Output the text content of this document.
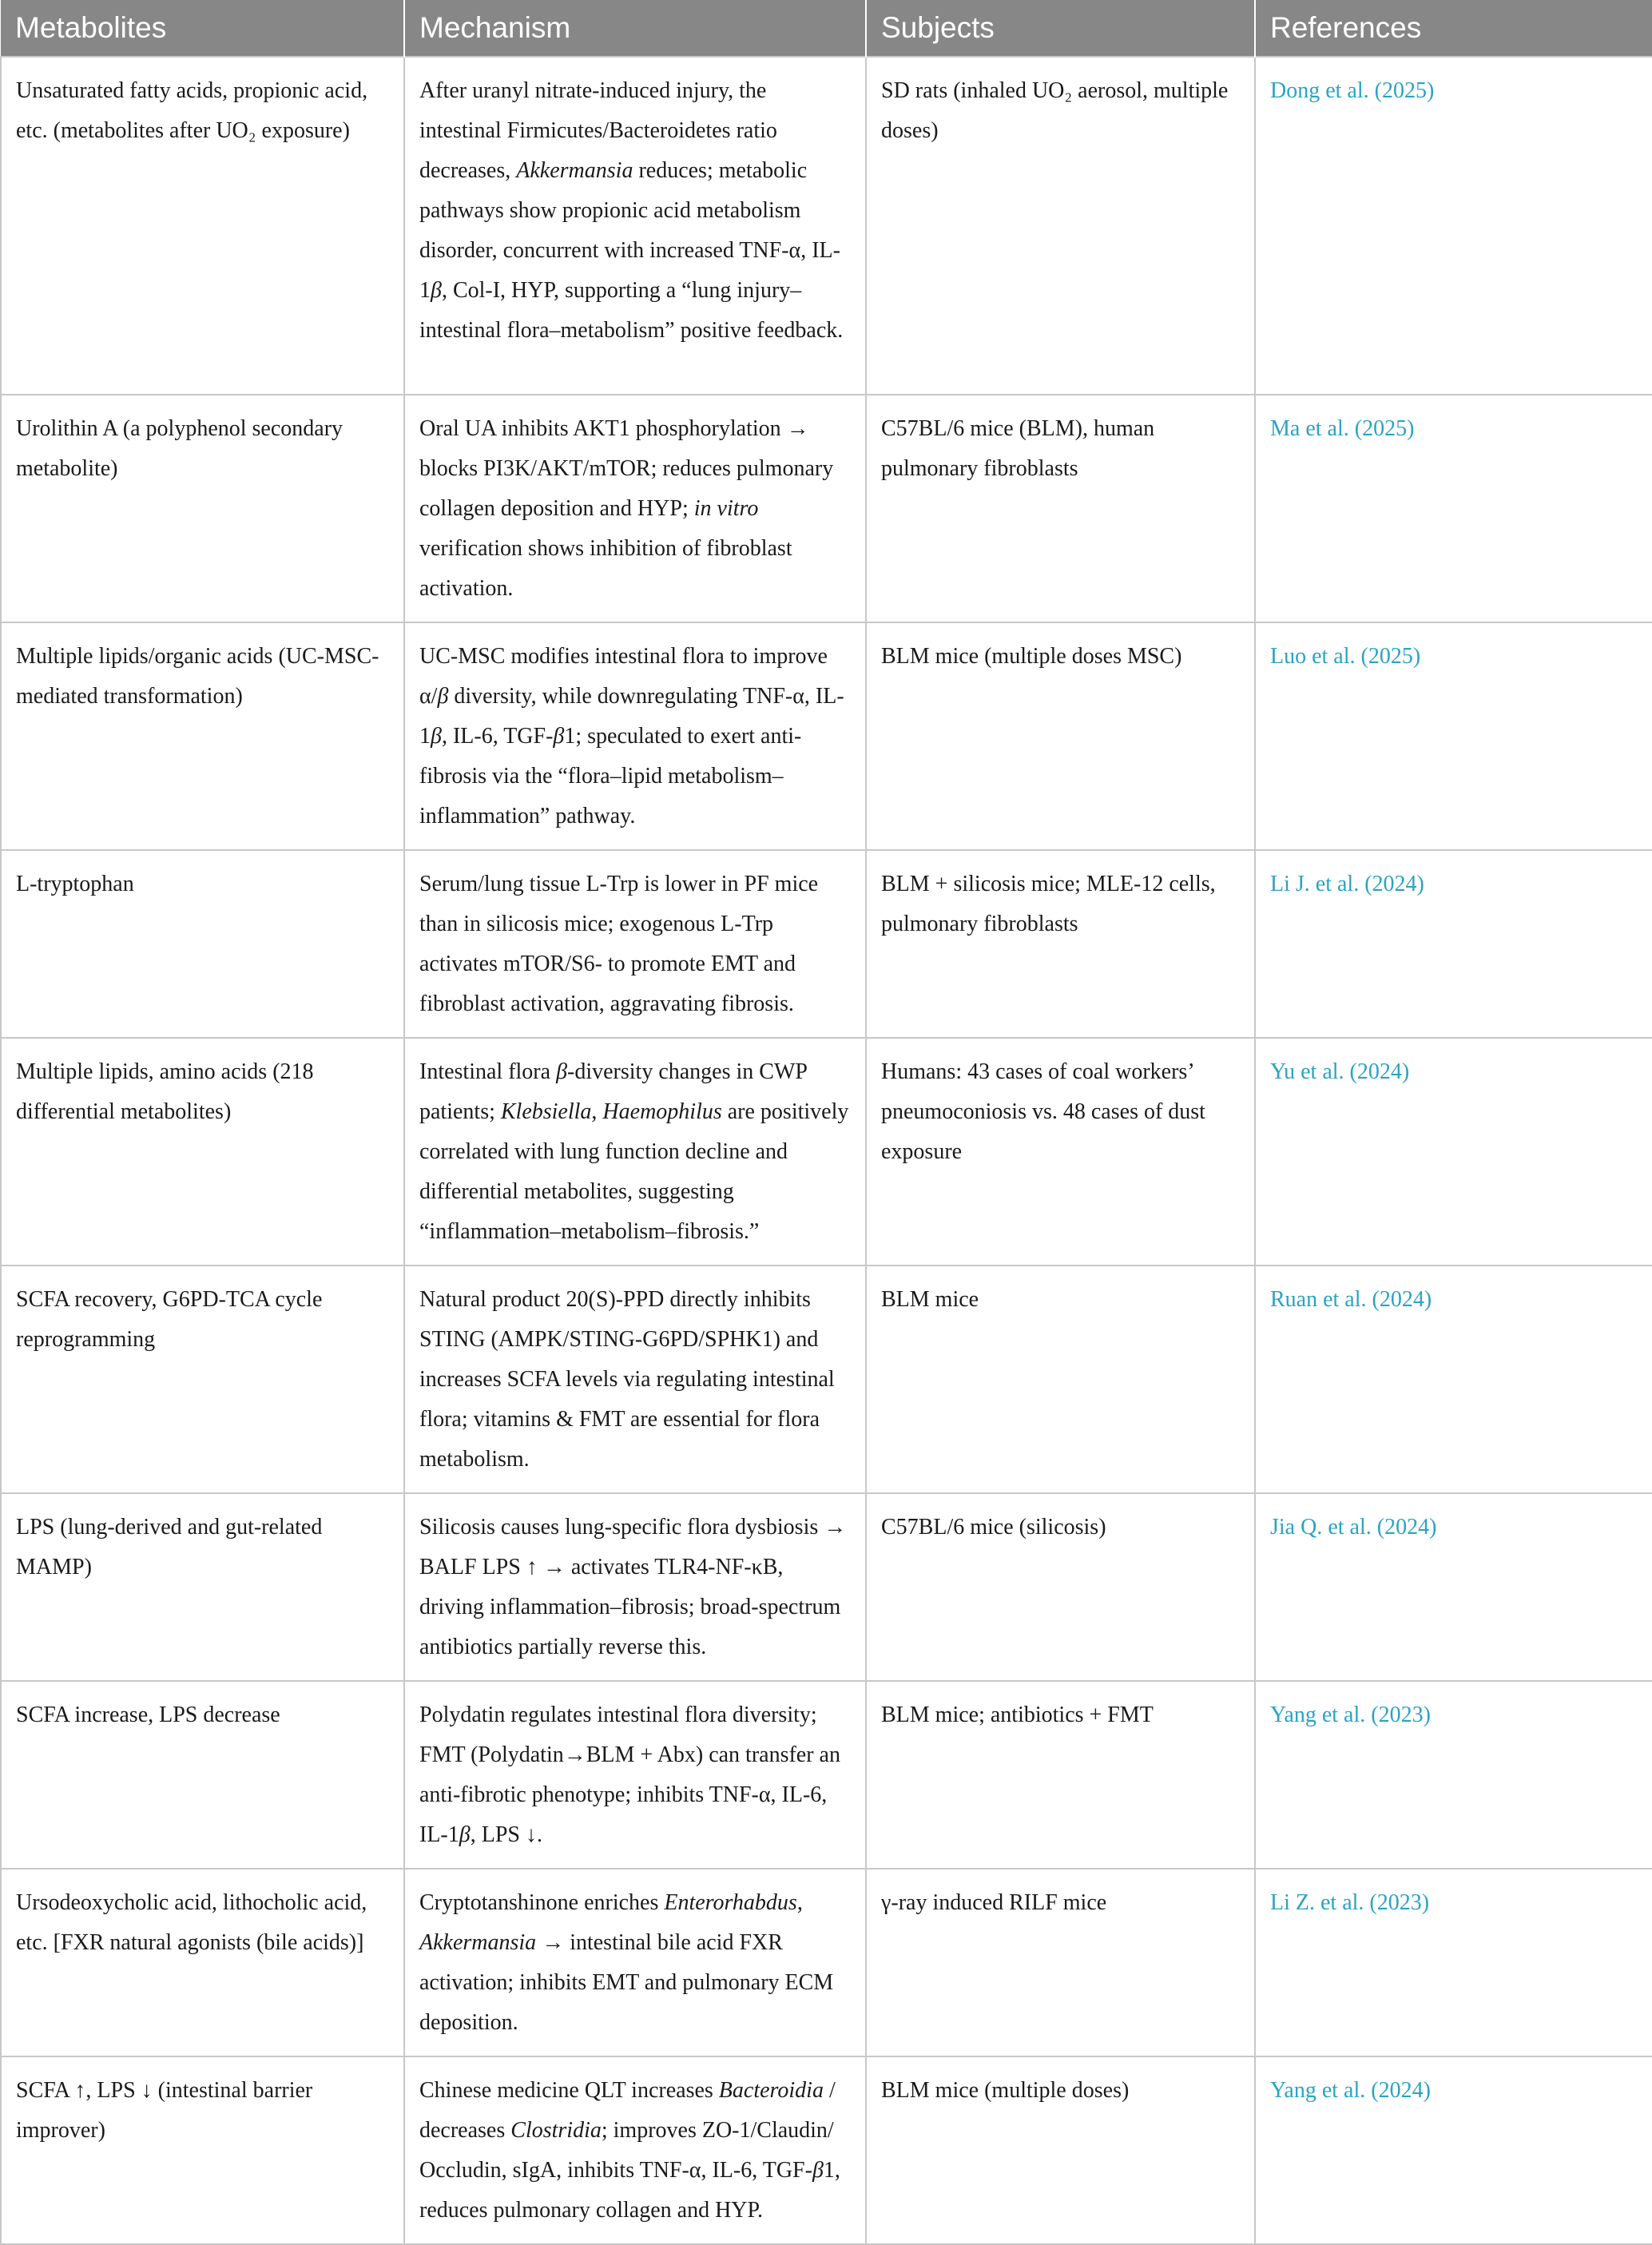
Metabolites	Mechanism	Subjects	References
Unsaturated fatty acids, propionic acid, etc. (metabolites after UO₂ exposure)	After uranyl nitrate-induced injury, the intestinal Firmicutes/Bacteroidetes ratio decreases, Akkermansia reduces; metabolic pathways show propionic acid metabolism disorder, concurrent with increased TNF-α, IL-1β, Col-I, HYP, supporting a “lung injury–intestinal flora–metabolism” positive feedback.	SD rats (inhaled UO₂ aerosol, multiple doses)	Dong et al. (2025)
Urolithin A (a polyphenol secondary metabolite)	Oral UA inhibits AKT1 phosphorylation → blocks PI3K/AKT/mTOR; reduces pulmonary collagen deposition and HYP; in vitro verification shows inhibition of fibroblast activation.	C57BL/6 mice (BLM), human pulmonary fibroblasts	Ma et al. (2025)
Multiple lipids/organic acids (UC-MSC-mediated transformation)	UC-MSC modifies intestinal flora to improve α/β diversity, while downregulating TNF-α, IL-1β, IL-6, TGF-β1; speculated to exert anti-fibrosis via the “flora–lipid metabolism–inflammation” pathway.	BLM mice (multiple doses MSC)	Luo et al. (2025)
L-tryptophan	Serum/lung tissue L-Trp is lower in PF mice than in silicosis mice; exogenous L-Trp activates mTOR/S6- to promote EMT and fibroblast activation, aggravating fibrosis.	BLM + silicosis mice; MLE-12 cells, pulmonary fibroblasts	Li J. et al. (2024)
Multiple lipids, amino acids (218 differential metabolites)	Intestinal flora β-diversity changes in CWP patients; Klebsiella, Haemophilus are positively correlated with lung function decline and differential metabolites, suggesting “inflammation–metabolism–fibrosis.”	Humans: 43 cases of coal workers’ pneumoconiosis vs. 48 cases of dust exposure	Yu et al. (2024)
SCFA recovery, G6PD-TCA cycle reprogramming	Natural product 20(S)-PPD directly inhibits STING (AMPK/STING-G6PD/SPHK1) and increases SCFA levels via regulating intestinal flora; vitamins & FMT are essential for flora metabolism.	BLM mice	Ruan et al. (2024)
LPS (lung-derived and gut-related MAMP)	Silicosis causes lung-specific flora dysbiosis → BALF LPS ↑ → activates TLR4-NF-κB, driving inflammation–fibrosis; broad-spectrum antibiotics partially reverse this.	C57BL/6 mice (silicosis)	Jia Q. et al. (2024)
SCFA increase, LPS decrease	Polydatin regulates intestinal flora diversity; FMT (Polydatin→BLM + Abx) can transfer an anti-fibrotic phenotype; inhibits TNF-α, IL-6, IL-1β, LPS ↓.	BLM mice; antibiotics + FMT	Yang et al. (2023)
Ursodeoxycholic acid, lithocholic acid, etc. [FXR natural agonists (bile acids)]	Cryptotanshinone enriches Enterorhabdus, Akkermansia → intestinal bile acid FXR activation; inhibits EMT and pulmonary ECM deposition.	γ-ray induced RILF mice	Li Z. et al. (2023)
SCFA ↑, LPS ↓ (intestinal barrier improver)	Chinese medicine QLT increases Bacteroidia / decreases Clostridia; improves ZO-1/Claudin/ Occludin, sIgA, inhibits TNF-α, IL-6, TGF-β1, reduces pulmonary collagen and HYP.	BLM mice (multiple doses)	Yang et al. (2024)
